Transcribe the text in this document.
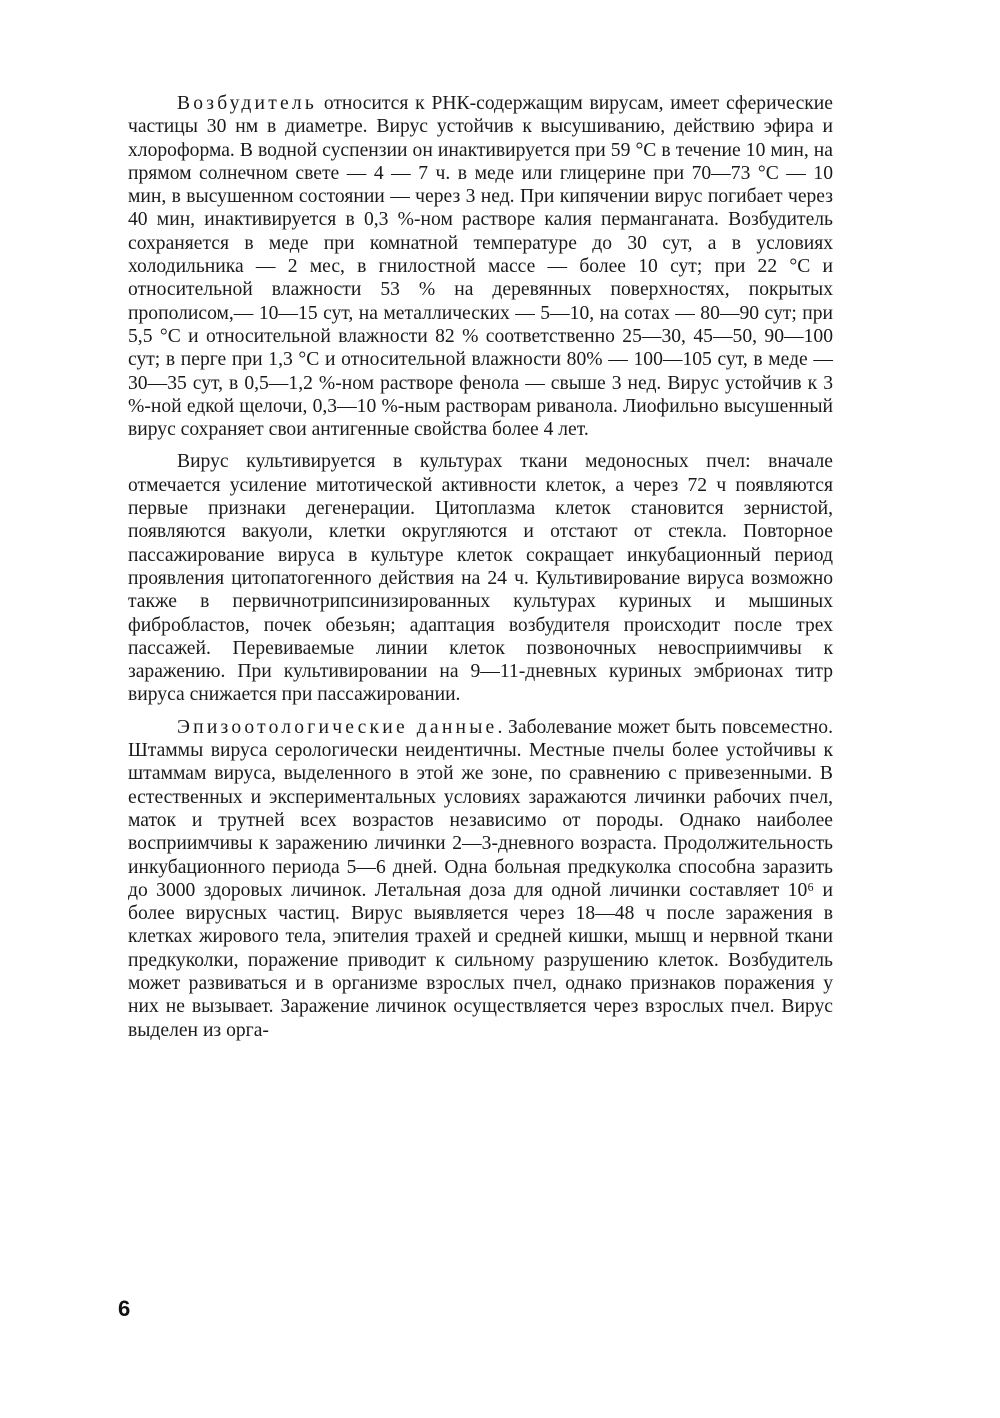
Возбудитель относится к РНК-содержащим вирусам, имеет сферические частицы 30 нм в диаметре. Вирус устойчив к высушиванию, действию эфира и хлороформа. В водной суспензии он инактивируется при 59 °С в течение 10 мин, на прямом солнечном свете — 4 — 7 ч. в меде или глицерине при 70—73 °С — 10 мин, в высушенном состоянии — через 3 нед. При кипячении вирус погибает через 40 мин, инактивируется в 0,3 %-ном растворе калия перманганата. Возбудитель сохраняется в меде при комнатной температуре до 30 сут, а в условиях холодильника — 2 мес, в гнилостной массе — более 10 сут; при 22 °С и относительной влажности 53 % на деревянных поверхностях, покрытых прополисом,— 10—15 сут, на металлических — 5—10, на сотах — 80—90 сут; при 5,5 °С и относительной влажности 82 % соответственно 25—30, 45—50, 90—100 сут; в перге при 1,3 °С и относительной влажности 80% — 100—105 сут, в меде — 30—35 сут, в 0,5—1,2 %-ном растворе фенола — свыше 3 нед. Вирус устойчив к 3 %-ной едкой щелочи, 0,3—10 %-ным растворам риванола. Лиофильно высушенный вирус сохраняет свои антигенные свойства более 4 лет.

Вирус культивируется в культурах ткани медоносных пчел: вначале отмечается усиление митотической активности клеток, а через 72 ч появляются первые признаки дегенерации. Цитоплазма клеток становится зернистой, появляются вакуоли, клетки округляются и отстают от стекла. Повторное пассажирование вируса в культуре клеток сокращает инкубационный период проявления цитопатогенного действия на 24 ч. Культивирование вируса возможно также в первичнотрипсинизированных культурах куриных и мышиных фибробластов, почек обезьян; адаптация возбудителя происходит после трех пассажей. Перевиваемые линии клеток позвоночных невосприимчивы к заражению. При культивировании на 9—11-дневных куриных эмбрионах титр вируса снижается при пассажировании.

Эпизоотологические данные. Заболевание может быть повсеместно. Штаммы вируса серологически неидентичны. Местные пчелы более устойчивы к штаммам вируса, выделенного в этой же зоне, по сравнению с привезенными. В естественных и экспериментальных условиях заражаются личинки рабочих пчел, маток и трутней всех возрастов независимо от породы. Однако наиболее восприимчивы к заражению личинки 2—3-дневного возраста. Продолжительность инкубационного периода 5—6 дней. Одна больная предкуколка способна заразить до 3000 здоровых личинок. Летальная доза для одной личинки составляет 10⁶ и более вирусных частиц. Вирус выявляется через 18—48 ч после заражения в клетках жирового тела, эпителия трахей и средней кишки, мышц и нервной ткани предкуколки, поражение приводит к сильному разрушению клеток. Возбудитель может развиваться и в организме взрослых пчел, однако признаков поражения у них не вызывает. Заражение личинок осуществляется через взрослых пчел. Вирус выделен из орга-

6
